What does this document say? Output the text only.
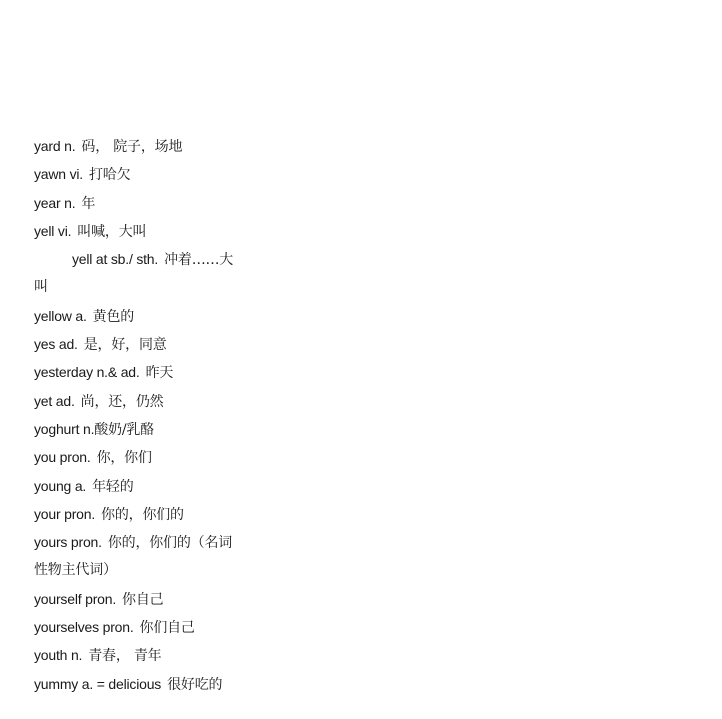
yard n. 码， 院子，场地
yawn vi. 打哈欠
year n. 年
yell vi. 叫喊，大叫
yell at sb./ sth. 冲着……大
叫
yellow a. 黄色的
yes ad. 是，好，同意
yesterday n.& ad. 昨天
yet ad. 尚，还，仍然
yoghurt n.酸奶/乳酪
you pron. 你，你们
young a. 年轻的
your pron. 你的，你们的
yours pron. 你的，你们的（名词
性物主代词）
yourself pron. 你自己
yourselves pron. 你们自己
youth n. 青春， 青年
yummy a. = delicious 很好吃的
